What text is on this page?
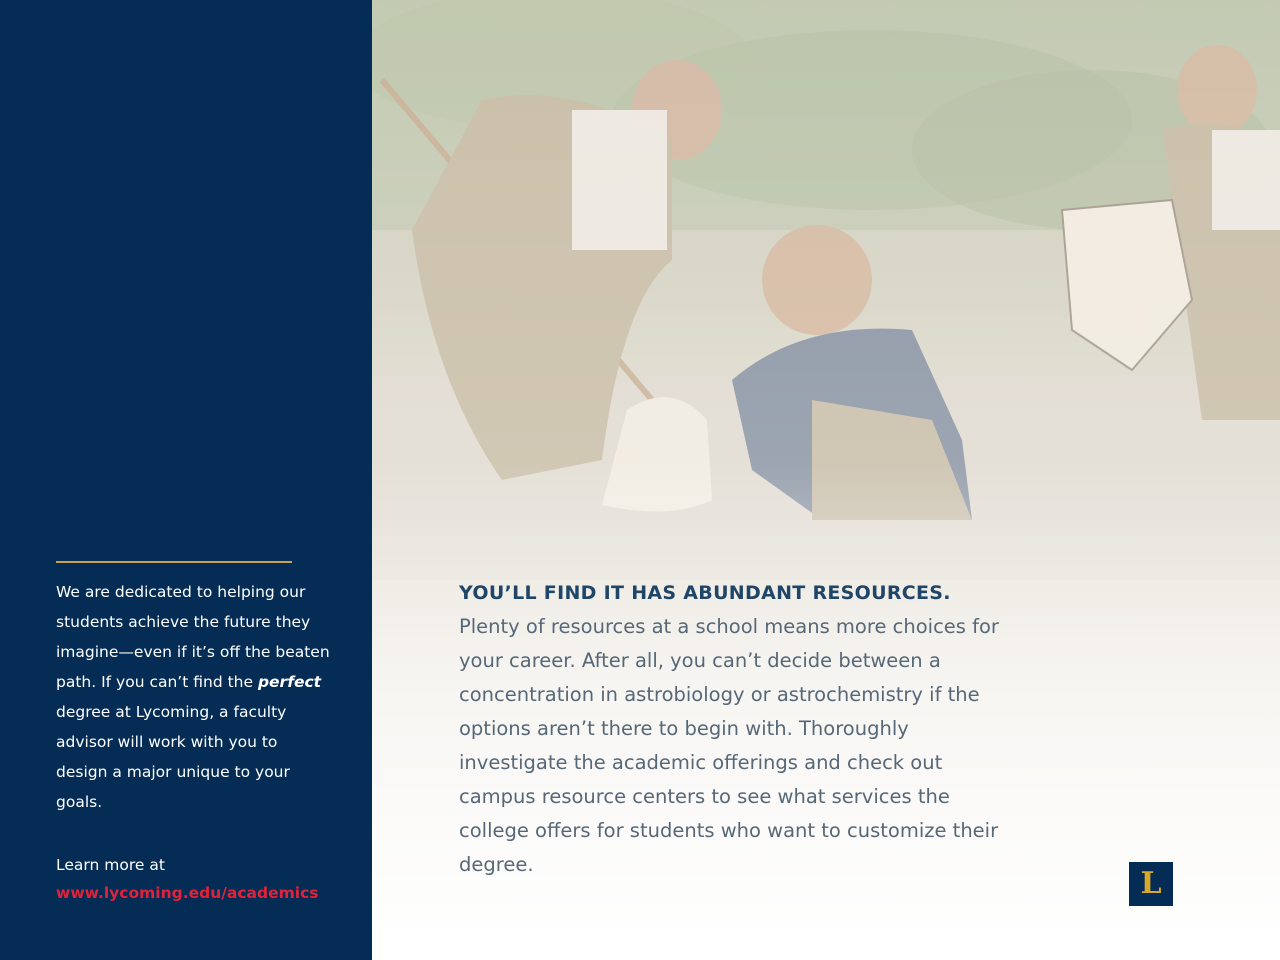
We are dedicated to helping our students achieve the future they imagine—even if it’s off the beaten path. If you can’t find the perfect degree at Lycoming, a faculty advisor will work with you to design a major unique to your goals.

Learn more at
www.lycoming.edu/academics
YOU’LL FIND IT HAS ABUNDANT RESOURCES.
Plenty of resources at a school means more choices for your career. After all, you can’t decide between a concentration in astrobiology or astrochemistry if the options aren’t there to begin with. Thoroughly investigate the academic offerings and check out campus resource centers to see what services the college offers for students who want to customize their degree.
L
